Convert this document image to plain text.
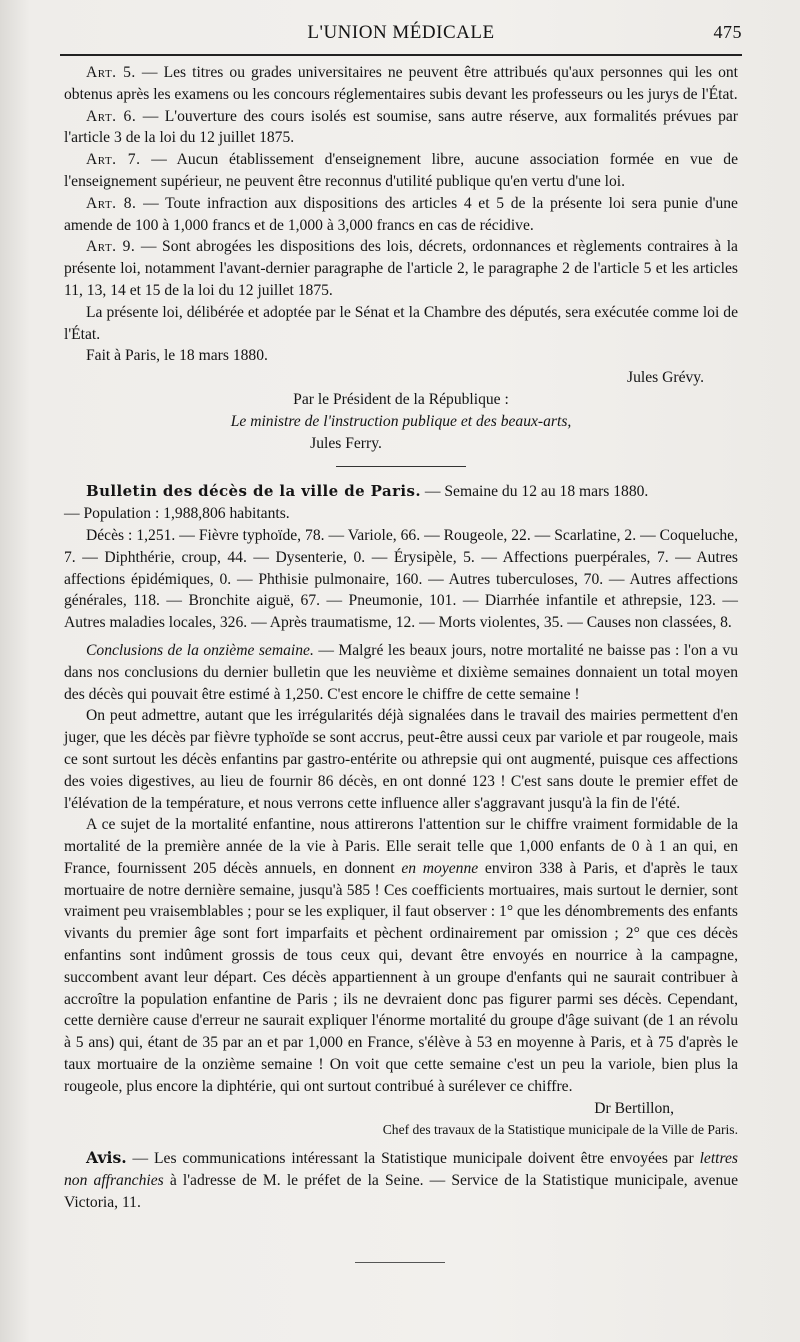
L'UNION MÉDICALE	475

Art. 5. — Les titres ou grades universitaires ne peuvent être attribués qu'aux personnes qui les ont obtenus après les examens ou les concours réglementaires subis devant les professeurs ou les jurys de l'État.

Art. 6. — L'ouverture des cours isolés est soumise, sans autre réserve, aux formalités prévues par l'article 3 de la loi du 12 juillet 1875.

Art. 7. — Aucun établissement d'enseignement libre, aucune association formée en vue de l'enseignement supérieur, ne peuvent être reconnus d'utilité publique qu'en vertu d'une loi.

Art. 8. — Toute infraction aux dispositions des articles 4 et 5 de la présente loi sera punie d'une amende de 100 à 1,000 francs et de 1,000 à 3,000 francs en cas de récidive.

Art. 9. — Sont abrogées les dispositions des lois, décrets, ordonnances et règlements contraires à la présente loi, notamment l'avant-dernier paragraphe de l'article 2, le paragraphe 2 de l'article 5 et les articles 11, 13, 14 et 15 de la loi du 12 juillet 1875.

La présente loi, délibérée et adoptée par le Sénat et la Chambre des députés, sera exécutée comme loi de l'État.

Fait à Paris, le 18 mars 1880.

Jules Grévy.

Par le Président de la République :

Le ministre de l'instruction publique et des beaux-arts,

Jules Ferry.

Bulletin des décès de la ville de Paris. — Semaine du 12 au 18 mars 1880.

— Population : 1,988,806 habitants.

Décès : 1,251. — Fièvre typhoïde, 78. — Variole, 66. — Rougeole, 22. — Scarlatine, 2. — Coqueluche, 7. — Diphthérie, croup, 44. — Dysenterie, 0. — Érysipèle, 5. — Affections puerpérales, 7. — Autres affections épidémiques, 0. — Phthisie pulmonaire, 160. — Autres tuberculoses, 70. — Autres affections générales, 118. — Bronchite aiguë, 67. — Pneumonie, 101. — Diarrhée infantile et athrepsie, 123. — Autres maladies locales, 326. — Après traumatisme, 12. — Morts violentes, 35. — Causes non classées, 8.

Conclusions de la onzième semaine. — Malgré les beaux jours, notre mortalité ne baisse pas : l'on a vu dans nos conclusions du dernier bulletin que les neuvième et dixième semaines donnaient un total moyen des décès qui pouvait être estimé à 1,250. C'est encore le chiffre de cette semaine !

On peut admettre, autant que les irrégularités déjà signalées dans le travail des mairies permettent d'en juger, que les décès par fièvre typhoïde se sont accrus, peut-être aussi ceux par variole et par rougeole, mais ce sont surtout les décès enfantins par gastro-entérite ou athrepsie qui ont augmenté, puisque ces affections des voies digestives, au lieu de fournir 86 décès, en ont donné 123 ! C'est sans doute le premier effet de l'élévation de la température, et nous verrons cette influence aller s'aggravant jusqu'à la fin de l'été.

A ce sujet de la mortalité enfantine, nous attirerons l'attention sur le chiffre vraiment formidable de la mortalité de la première année de la vie à Paris. Elle serait telle que 1,000 enfants de 0 à 1 an qui, en France, fournissent 205 décès annuels, en donnent en moyenne environ 338 à Paris, et d'après le taux mortuaire de notre dernière semaine, jusqu'à 585 ! Ces coefficients mortuaires, mais surtout le dernier, sont vraiment peu vraisemblables ; pour se les expliquer, il faut observer : 1° que les dénombrements des enfants vivants du premier âge sont fort imparfaits et pèchent ordinairement par omission ; 2° que ces décès enfantins sont indûment grossis de tous ceux qui, devant être envoyés en nourrice à la campagne, succombent avant leur départ. Ces décès appartiennent à un groupe d'enfants qui ne saurait contribuer à accroître la population enfantine de Paris ; ils ne devraient donc pas figurer parmi ses décès. Cependant, cette dernière cause d'erreur ne saurait expliquer l'énorme mortalité du groupe d'âge suivant (de 1 an révolu à 5 ans) qui, étant de 35 par an et par 1,000 en France, s'élève à 53 en moyenne à Paris, et à 75 d'après le taux mortuaire de la onzième semaine ! On voit que cette semaine c'est un peu la variole, bien plus la rougeole, plus encore la diphtérie, qui ont surtout contribué à surélever ce chiffre.

Dr Bertillon,

Chef des travaux de la Statistique municipale de la Ville de Paris.

Avis. — Les communications intéressant la Statistique municipale doivent être envoyées par lettres non affranchies à l'adresse de M. le préfet de la Seine. — Service de la Statistique municipale, avenue Victoria, 11.
